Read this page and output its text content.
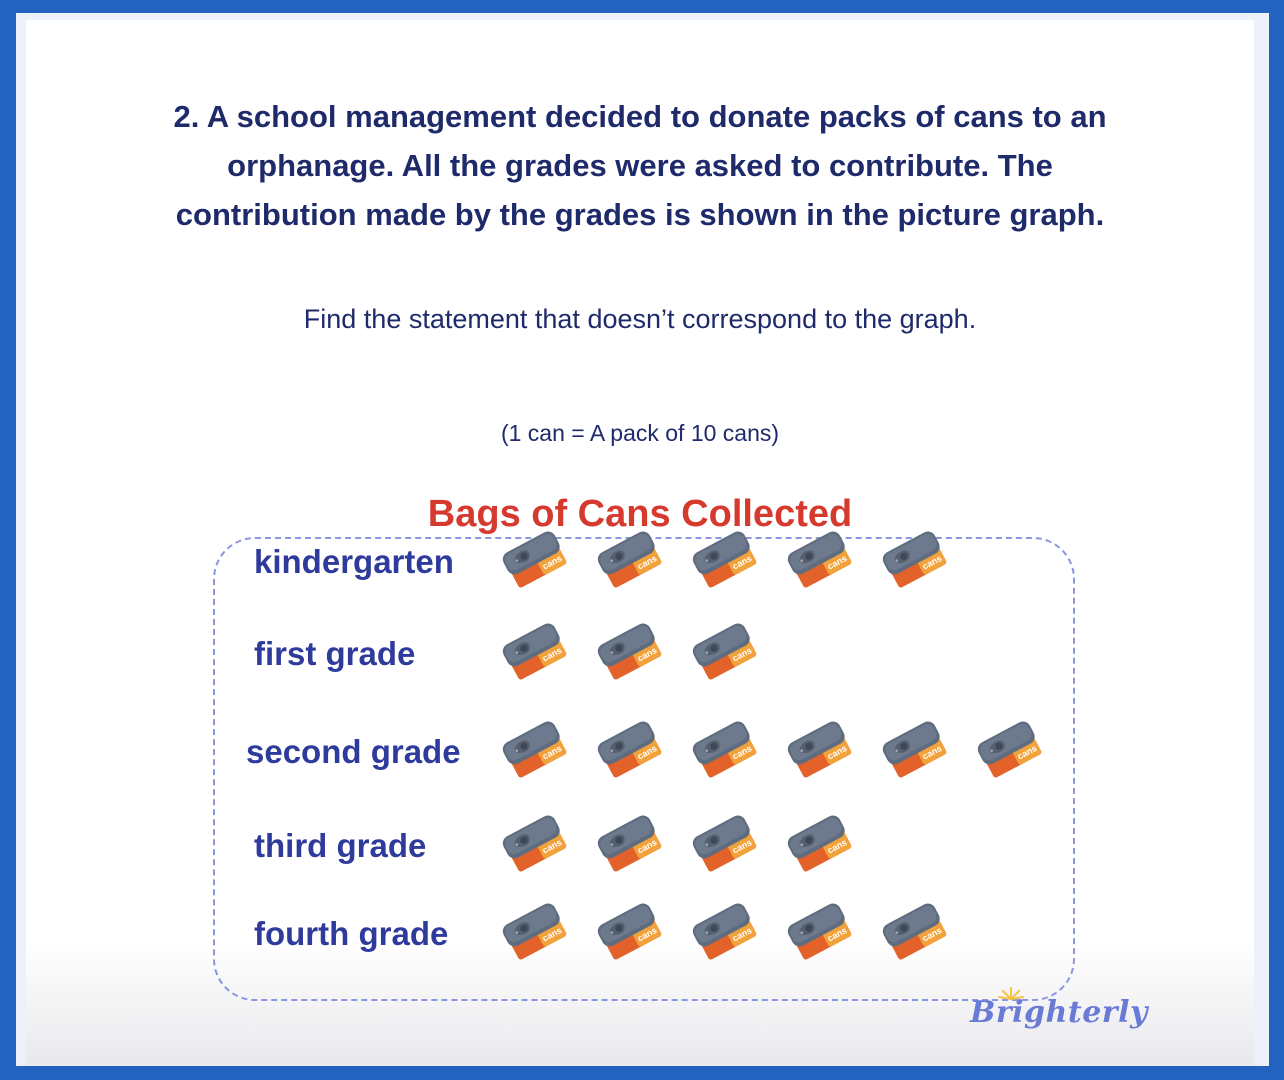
2. A school management decided to donate packs of cans to an
orphanage. All the grades were asked to contribute. The
contribution made by the grades is shown in the picture graph.
Find the statement that doesn’t correspond to the graph.
(1 can = A pack of 10 cans)
Bags of Cans Collected
kindergarten	cans	cans	cans	cans	cans
first grade	cans	cans	cans
second grade	cans	cans	cans	cans	cans	cans
third grade	cans	cans	cans	cans
fourth grade	cans	cans	cans	cans	cans
Brighterly
